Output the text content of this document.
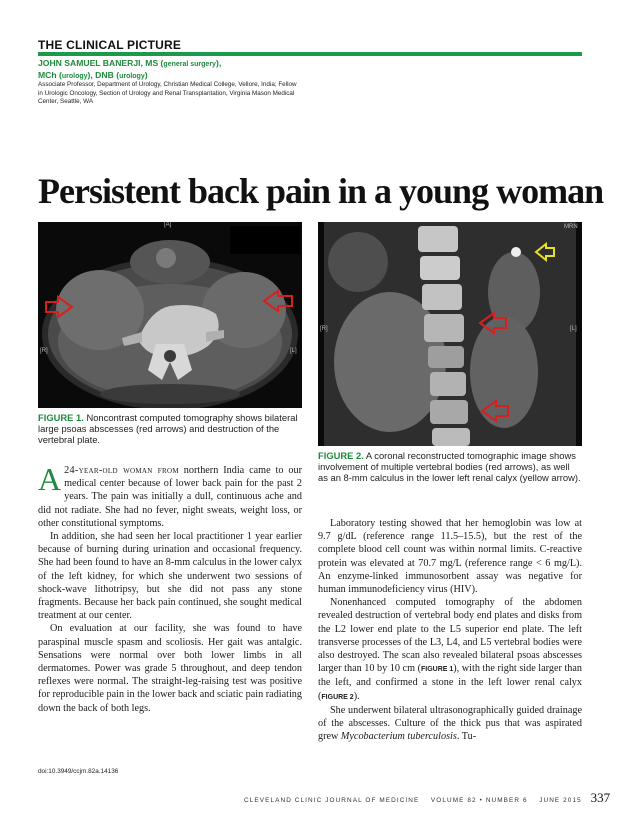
THE CLINICAL PICTURE
JOHN SAMUEL BANERJI, MS (general surgery),
MCh (urology), DNB (urology)
Associate Professor, Department of Urology, Christian Medical College, Vellore, India; Fellow in Urologic Oncology, Section of Urology and Renal Transplantation, Virginia Mason Medical Center, Seattle, WA
Persistent back pain in a young woman
[A]
[R]	[L]
FIGURE 1. Noncontrast computed tomography shows bilateral large psoas abscesses (red arrows) and destruction of the vertebral plate.
MRN
[R]	[L]
FIGURE 2. A coronal reconstructed tomographic image shows involvement of multiple vertebral bodies (red arrows), as well as an 8-mm calculus in the lower left renal calyx (yellow arrow).

A 24-year-old woman from northern India came to our medical center because of lower back pain for the past 2 years. The pain was initially a dull, continuous ache and did not radiate. She had no fever, night sweats, weight loss, or other constitutional symptoms.

In addition, she had seen her local practitioner 1 year earlier because of burning during urination and occasional frequency. She had been found to have an 8-mm calculus in the lower calyx of the left kidney, for which she underwent two sessions of shock-wave lithotripsy, but she did not pass any stone fragments. Because her back pain continued, she sought medical treatment at our center.

On evaluation at our facility, she was found to have paraspinal muscle spasm and scoliosis. Her gait was antalgic. Sensations were normal over both lower limbs in all dermatomes. Power was grade 5 throughout, and deep tendon reflexes were normal. The straight-leg-raising test was positive for reproducible pain in the lower back and sciatic pain radiating down the back of both legs.

Laboratory testing showed that her hemoglobin was low at 9.7 g/dL (reference range 11.5–15.5), but the rest of the complete blood cell count was within normal limits. C-reactive protein was elevated at 70.7 mg/L (reference range < 6 mg/L). An enzyme-linked immunosorbent assay was negative for human immunodeficiency virus (HIV).

Nonenhanced computed tomography of the abdomen revealed destruction of vertebral body end plates and disks from the L2 lower end plate to the L5 superior end plate. The left transverse processes of the L3, L4, and L5 vertebral bodies were also destroyed. The scan also revealed bilateral psoas abscesses larger than 10 by 10 cm (FIGURE 1), with the right side larger than the left, and confirmed a stone in the left lower renal calyx (FIGURE 2).

She underwent bilateral ultrasonographically guided drainage of the abscesses. Culture of the thick pus that was aspirated grew Mycobacterium tuberculosis. Tu-

doi:10.3949/ccjm.82a.14136
CLEVELAND CLINIC JOURNAL OF MEDICINE VOLUME 82 • NUMBER 6 JUNE 2015 337
